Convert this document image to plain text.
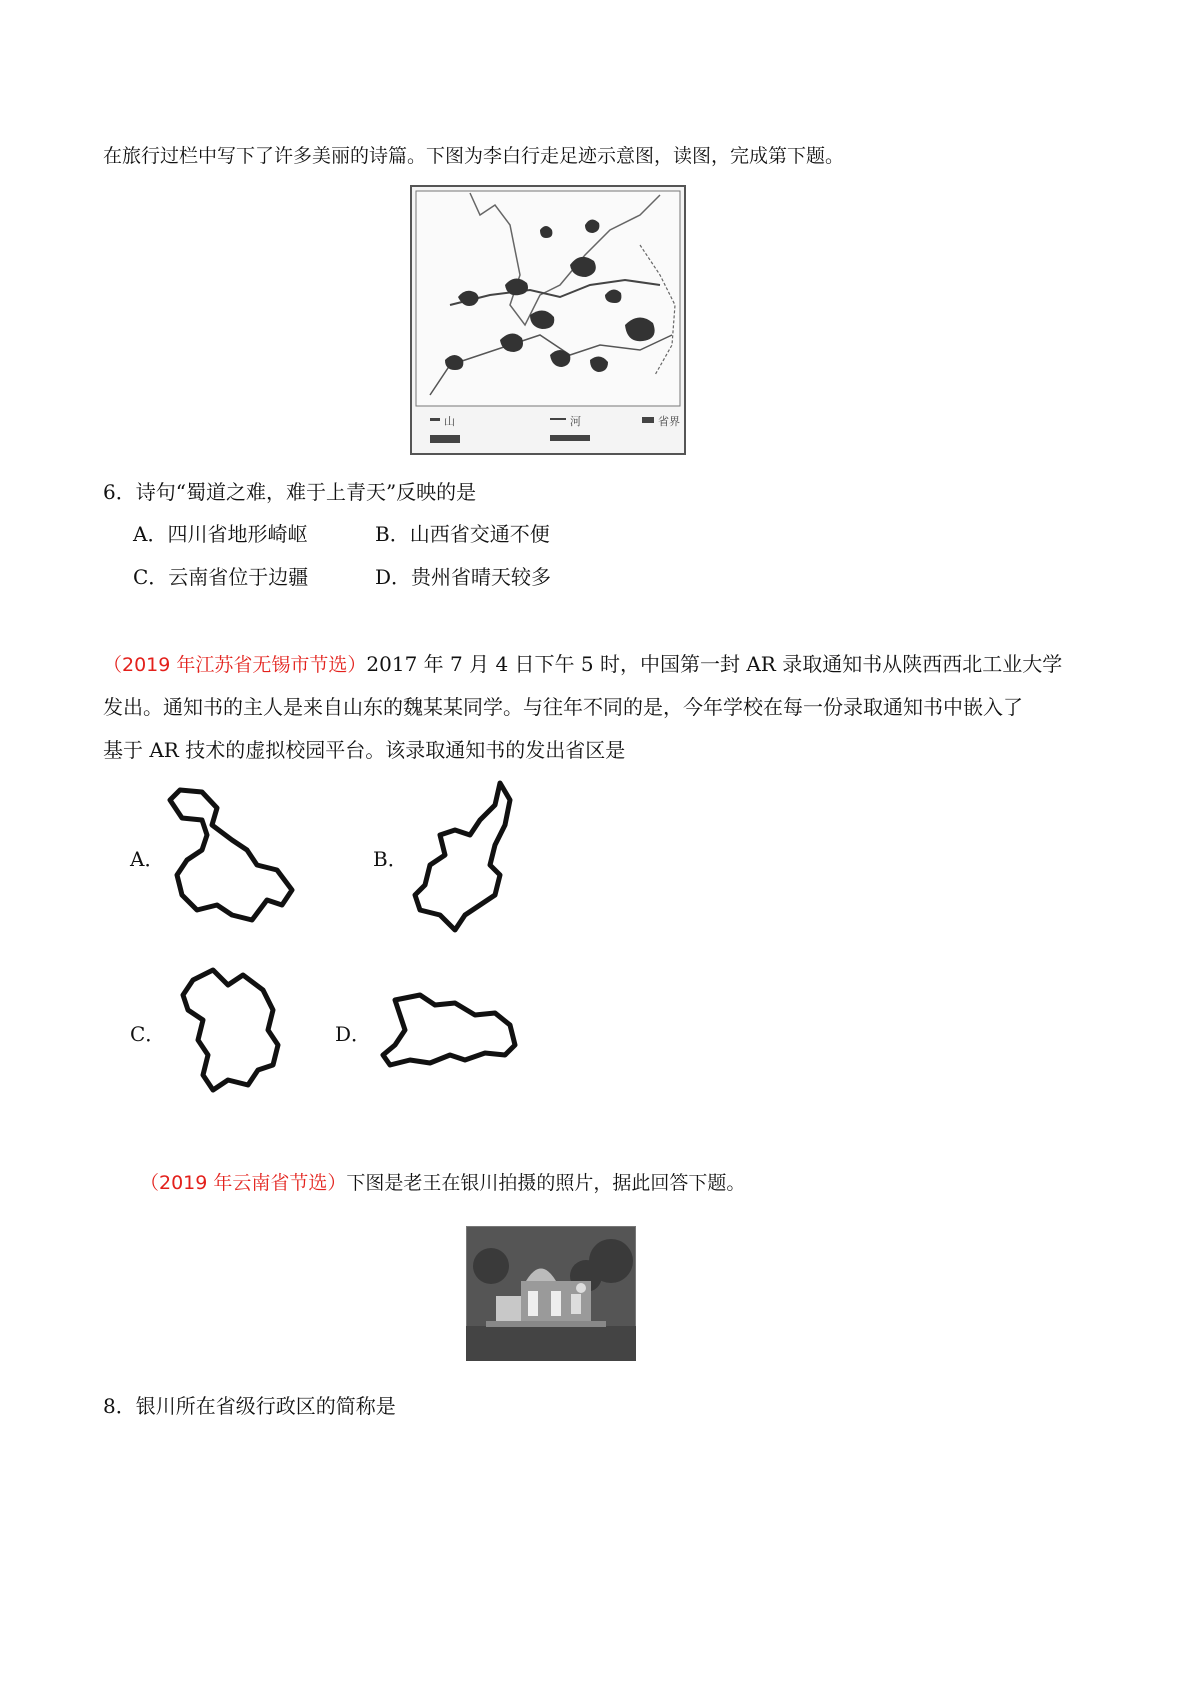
在旅行过栏中写下了许多美丽的诗篇。下图为李白行走足迹示意图，读图，完成第下题。
山	河	省界
6．诗句“蜀道之难，难于上青天”反映的是
A．四川省地形崎岖	B．山西省交通不便
C．云南省位于边疆	D．贵州省晴天较多
（2019 年江苏省无锡市节选）2017 年 7 月 4 日下午 5 时，中国第一封 AR 录取通知书从陕西西北工业大学
发出。通知书的主人是来自山东的魏某某同学。与往年不同的是，今年学校在每一份录取通知书中嵌入了
基于 AR 技术的虚拟校园平台。该录取通知书的发出省区是
A．	B．
C．	D．
（2019 年云南省节选）下图是老王在银川拍摄的照片，据此回答下题。
8．银川所在省级行政区的简称是
